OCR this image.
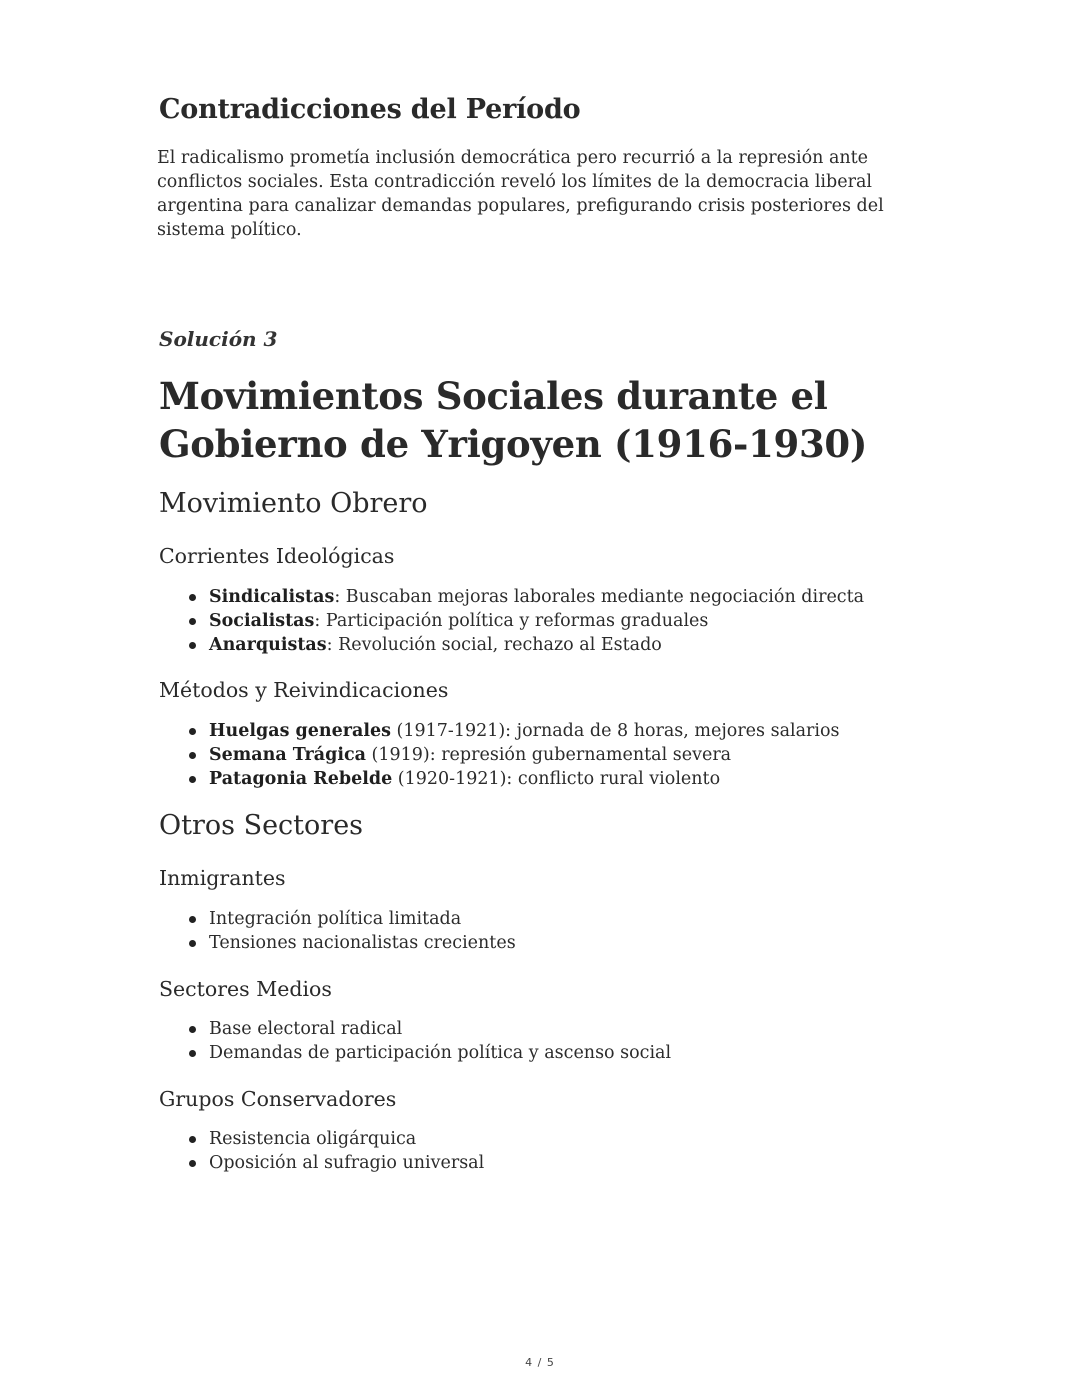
Contradicciones del Período

El radicalismo prometía inclusión democrática pero recurrió a la represión ante conflictos sociales. Esta contradicción reveló los límites de la democracia liberal argentina para canalizar demandas populares, prefigurando crisis posteriores del sistema político.

Solución 3

Movimientos Sociales durante el Gobierno de Yrigoyen (1916-1930)
Movimiento Obrero
Corrientes Ideológicas
Sindicalistas: Buscaban mejoras laborales mediante negociación directa
Socialistas: Participación política y reformas graduales
Anarquistas: Revolución social, rechazo al Estado
Métodos y Reivindicaciones
Huelgas generales (1917-1921): jornada de 8 horas, mejores salarios
Semana Trágica (1919): represión gubernamental severa
Patagonia Rebelde (1920-1921): conflicto rural violento
Otros Sectores
Inmigrantes
Integración política limitada
Tensiones nacionalistas crecientes
Sectores Medios
Base electoral radical
Demandas de participación política y ascenso social
Grupos Conservadores
Resistencia oligárquica
Oposición al sufragio universal
4 / 5
